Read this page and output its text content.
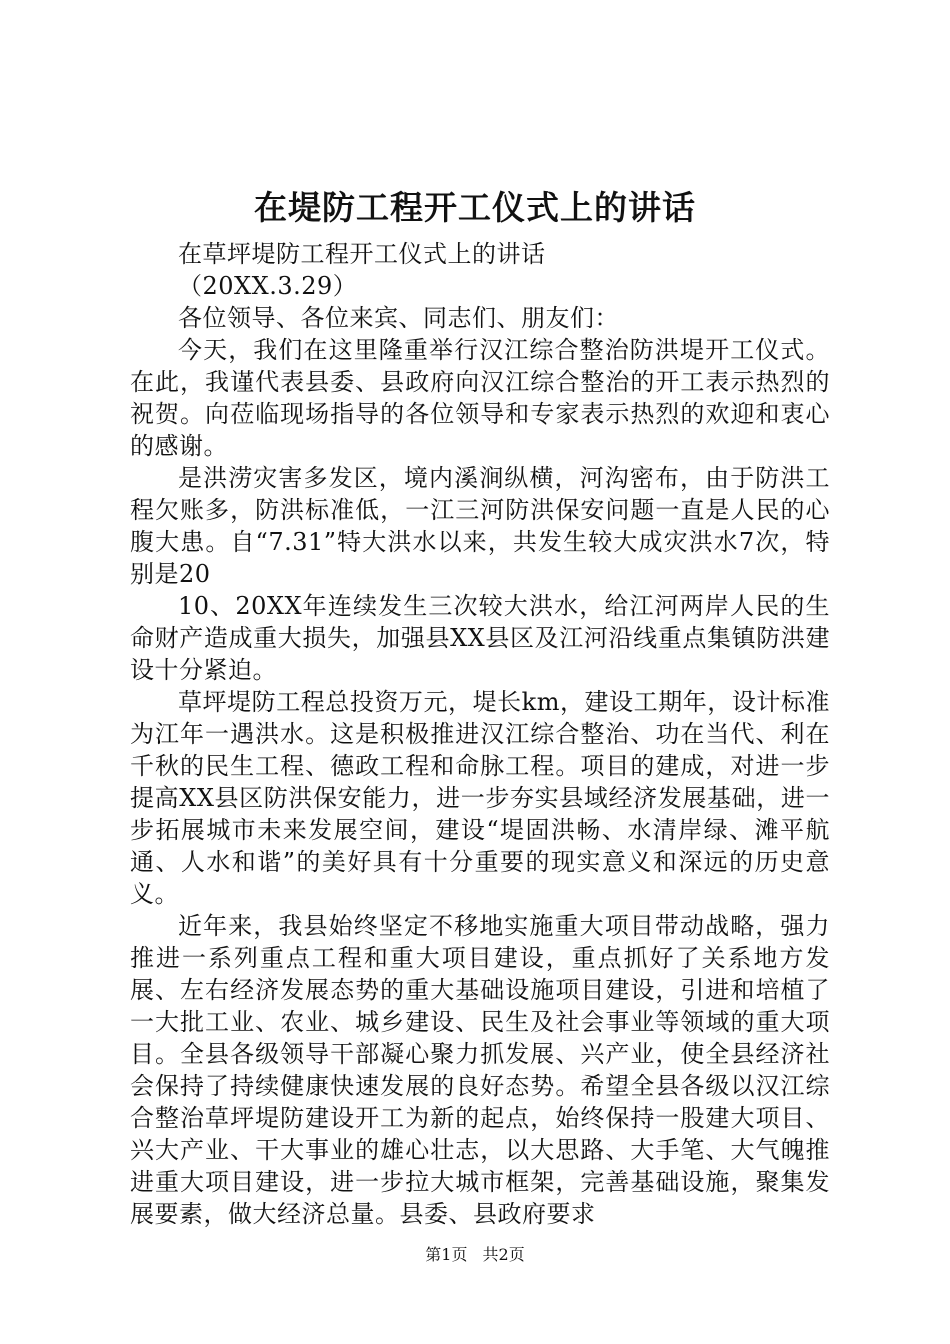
在堤防工程开工仪式上的讲话

在草坪堤防工程开工仪式上的讲话

（20XX.3.29）

各位领导、各位来宾、同志们、朋友们：

今天，我们在这里隆重举行汉江综合整治防洪堤开工仪式。在此，我谨代表县委、县政府向汉江综合整治的开工表示热烈的祝贺。向莅临现场指导的各位领导和专家表示热烈的欢迎和衷心的感谢。

是洪涝灾害多发区，境内溪涧纵横，河沟密布，由于防洪工程欠账多，防洪标准低，一江三河防洪保安问题一直是人民的心腹大患。自“7.31”特大洪水以来，共发生较大成灾洪水7次，特别是20

10、20XX年连续发生三次较大洪水，给江河两岸人民的生命财产造成重大损失，加强县XX县区及江河沿线重点集镇防洪建设十分紧迫。

草坪堤防工程总投资万元，堤长km，建设工期年，设计标准为江年一遇洪水。这是积极推进汉江综合整治、功在当代、利在千秋的民生工程、德政工程和命脉工程。项目的建成，对进一步提高XX县区防洪保安能力，进一步夯实县域经济发展基础，进一步拓展城市未来发展空间，建设“堤固洪畅、水清岸绿、滩平航通、人水和谐”的美好具有十分重要的现实意义和深远的历史意义。

近年来，我县始终坚定不移地实施重大项目带动战略，强力推进一系列重点工程和重大项目建设，重点抓好了关系地方发展、左右经济发展态势的重大基础设施项目建设，引进和培植了一大批工业、农业、城乡建设、民生及社会事业等领域的重大项目。全县各级领导干部凝心聚力抓发展、兴产业，使全县经济社会保持了持续健康快速发展的良好态势。希望全县各级以汉江综合整治草坪堤防建设开工为新的起点，始终保持一股建大项目、兴大产业、干大事业的雄心壮志，以大思路、大手笔、大气魄推进重大项目建设，进一步拉大城市框架，完善基础设施，聚集发展要素，做大经济总量。县委、县政府要求

第1页 共2页
